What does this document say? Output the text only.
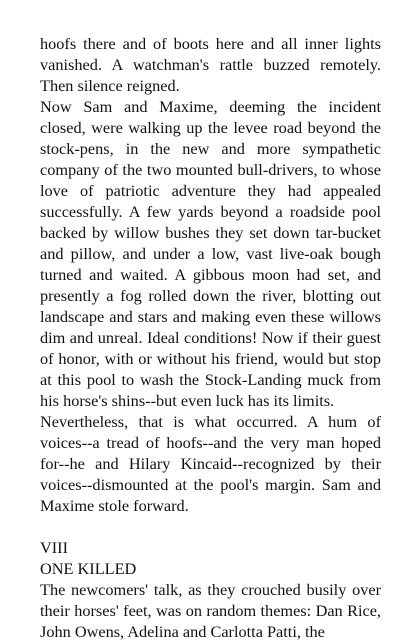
hoofs there and of boots here and all inner lights vanished. A watchman's rattle buzzed remotely. Then silence reigned.

Now Sam and Maxime, deeming the incident closed, were walking up the levee road beyond the stock-pens, in the new and more sympathetic company of the two mounted bull-drivers, to whose love of patriotic adventure they had appealed successfully. A few yards beyond a roadside pool backed by willow bushes they set down tar-bucket and pillow, and under a low, vast live-oak bough turned and waited. A gibbous moon had set, and presently a fog rolled down the river, blotting out landscape and stars and making even these willows dim and unreal. Ideal conditions! Now if their guest of honor, with or without his friend, would but stop at this pool to wash the Stock-Landing muck from his horse's shins--but even luck has its limits.

Nevertheless, that is what occurred. A hum of voices--a tread of hoofs--and the very man hoped for--he and Hilary Kincaid--recognized by their voices--dismounted at the pool's margin. Sam and Maxime stole forward.

VIII

ONE KILLED

The newcomers' talk, as they crouched busily over their horses' feet, was on random themes: Dan Rice, John Owens, Adelina and Carlotta Patti, the
